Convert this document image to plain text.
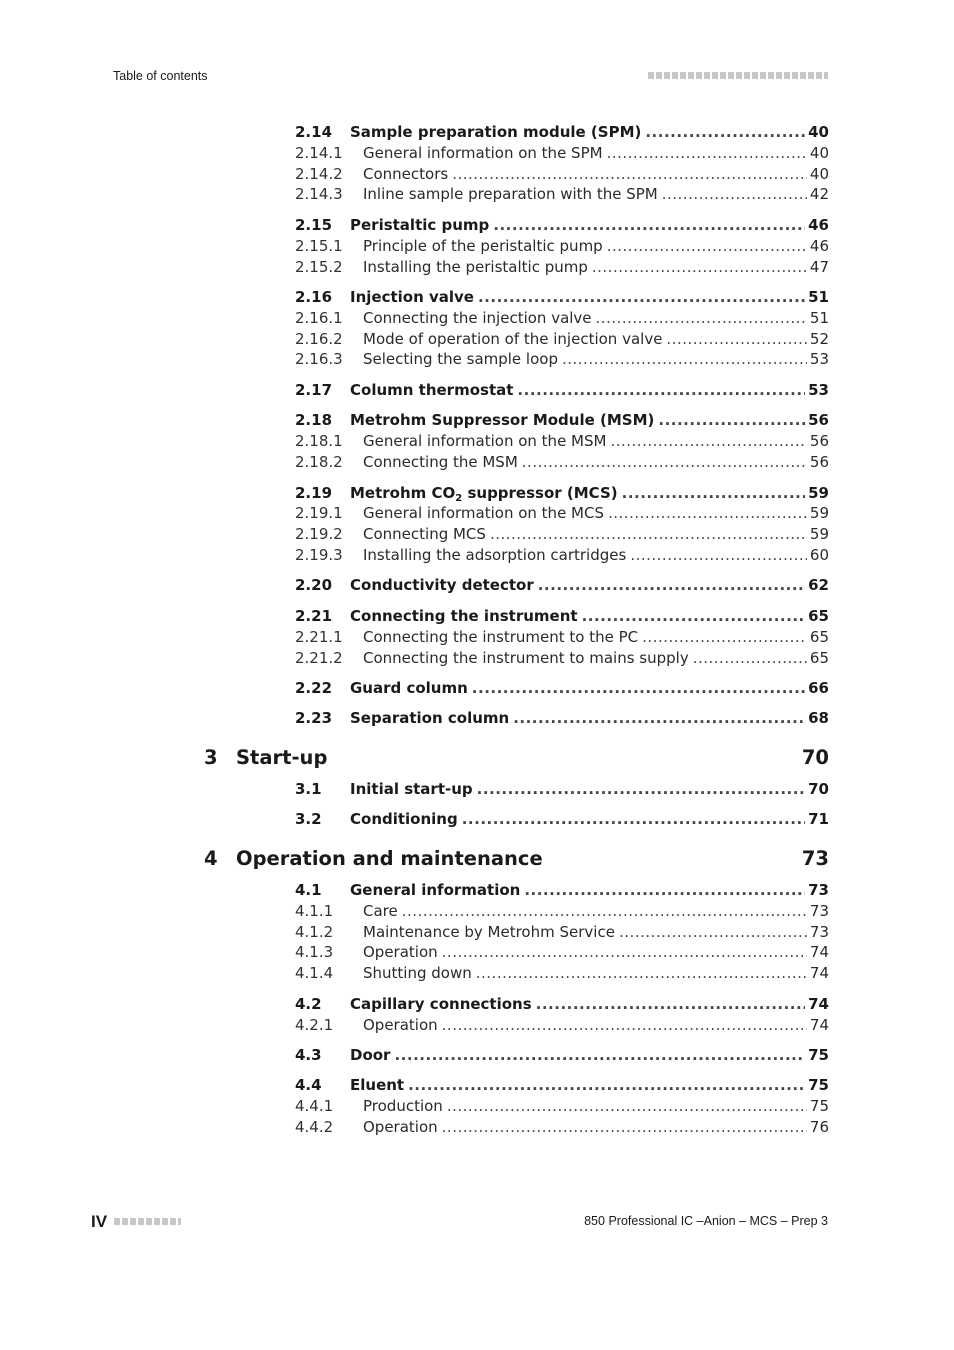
Table of contents
2.14 Sample preparation module (SPM) .....	40
2.14.1 General information on the SPM .....	40
2.14.2 Connectors .....	40
2.14.3 Inline sample preparation with the SPM .....	42
2.15 Peristaltic pump .....	46
2.15.1 Principle of the peristaltic pump .....	46
2.15.2 Installing the peristaltic pump .....	47
2.16 Injection valve .....	51
2.16.1 Connecting the injection valve .....	51
2.16.2 Mode of operation of the injection valve .....	52
2.16.3 Selecting the sample loop .....	53
2.17 Column thermostat .....	53
2.18 Metrohm Suppressor Module (MSM) .....	56
2.18.1 General information on the MSM .....	56
2.18.2 Connecting the MSM .....	56
2.19 Metrohm $CO_2$ suppressor (MCS) .....	59
2.19.1 General information on the MCS .....	59
2.19.2 Connecting MCS .....	59
2.19.3 Installing the adsorption cartridges .....	60
2.20 Conductivity detector .....	62
2.21 Connecting the instrument .....	65
2.21.1 Connecting the instrument to the PC .....	65
2.21.2 Connecting the instrument to mains supply .....	65
2.22 Guard column .....	66
2.23 Separation column .....	68
3 Start-up	70
3.1 Initial start-up .....	70
3.2 Conditioning .....	71
4 Operation and maintenance	73
4.1 General information .....	73
4.1.1 Care .....	73
4.1.2 Maintenance by Metrohm Service .....	73
4.1.3 Operation .....	74
4.1.4 Shutting down .....	74
4.2 Capillary connections .....	74
4.2.1 Operation .....	74
4.3 Door .....	75
4.4 Eluent .....	75
4.4.1 Production .....	75
4.4.2 Operation .....	76
IV	850 Professional IC –Anion – MCS – Prep 3
